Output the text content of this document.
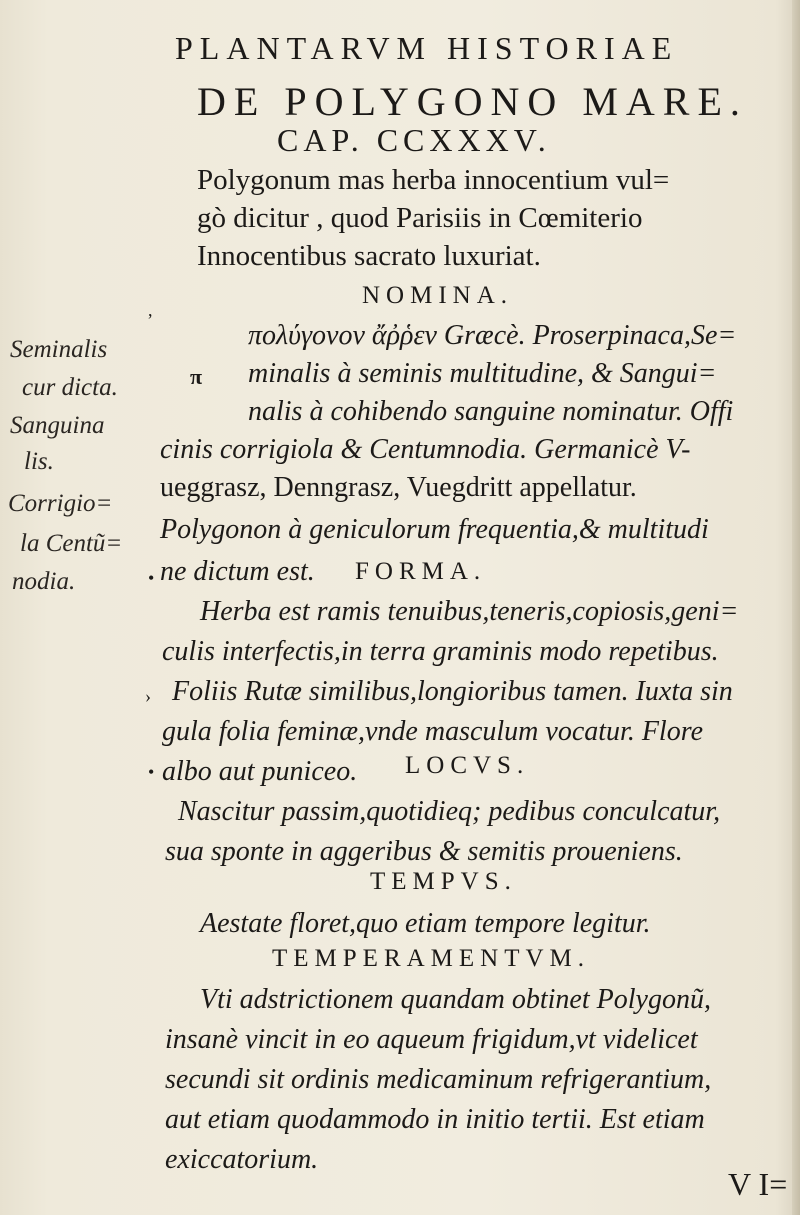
PLANTARVM HISTORIAE
DE POLYGONO MARE.
CAP. CCXXXV.
Polygonum mas herba innocentium vul=
gò dicitur , quod Parisiis in Cœmiterio
Innocentibus sacrato luxuriat.
NOMINA.
πολύγονον ἄῤῥεν Græcè. Proserpinaca,Se=
minalis à seminis multitudine, & Sangui=
nalis à cohibendo sanguine nominatur. Offi
cinis corrigiola & Centumnodia. Germanicè V-
ueggrasz, Denngrasz, Vuegdritt appellatur.
Polygonon à geniculorum frequentia,& multitudi
ne dictum est. FORMA.
Herba est ramis tenuibus,teneris,copiosis,geni=
culis interfectis,in terra graminis modo repetibus.
Foliis Rutæ similibus,longioribus tamen. Iuxta sin
gula folia feminæ,vnde masculum vocatur. Flore
albo aut puniceo. LOCVS.
Nascitur passim,quotidieq; pedibus conculcatur,
sua sponte in aggeribus & semitis proueniens.
TEMPVS.
Aestate floret,quo etiam tempore legitur.
TEMPERAMENTVM.
Vti adstrictionem quandam obtinet Polygonũ,
insanè vincit in eo aqueum frigidum,vt videlicet
secundi sit ordinis medicaminum refrigerantium,
aut etiam quodammodo in initio tertii. Est etiam
exiccatorium.
Seminalis
cur dicta.
Sanguina
lis.
Corrigio=
la Centũ=
nodia.
π
,
•
›
•
V I=
